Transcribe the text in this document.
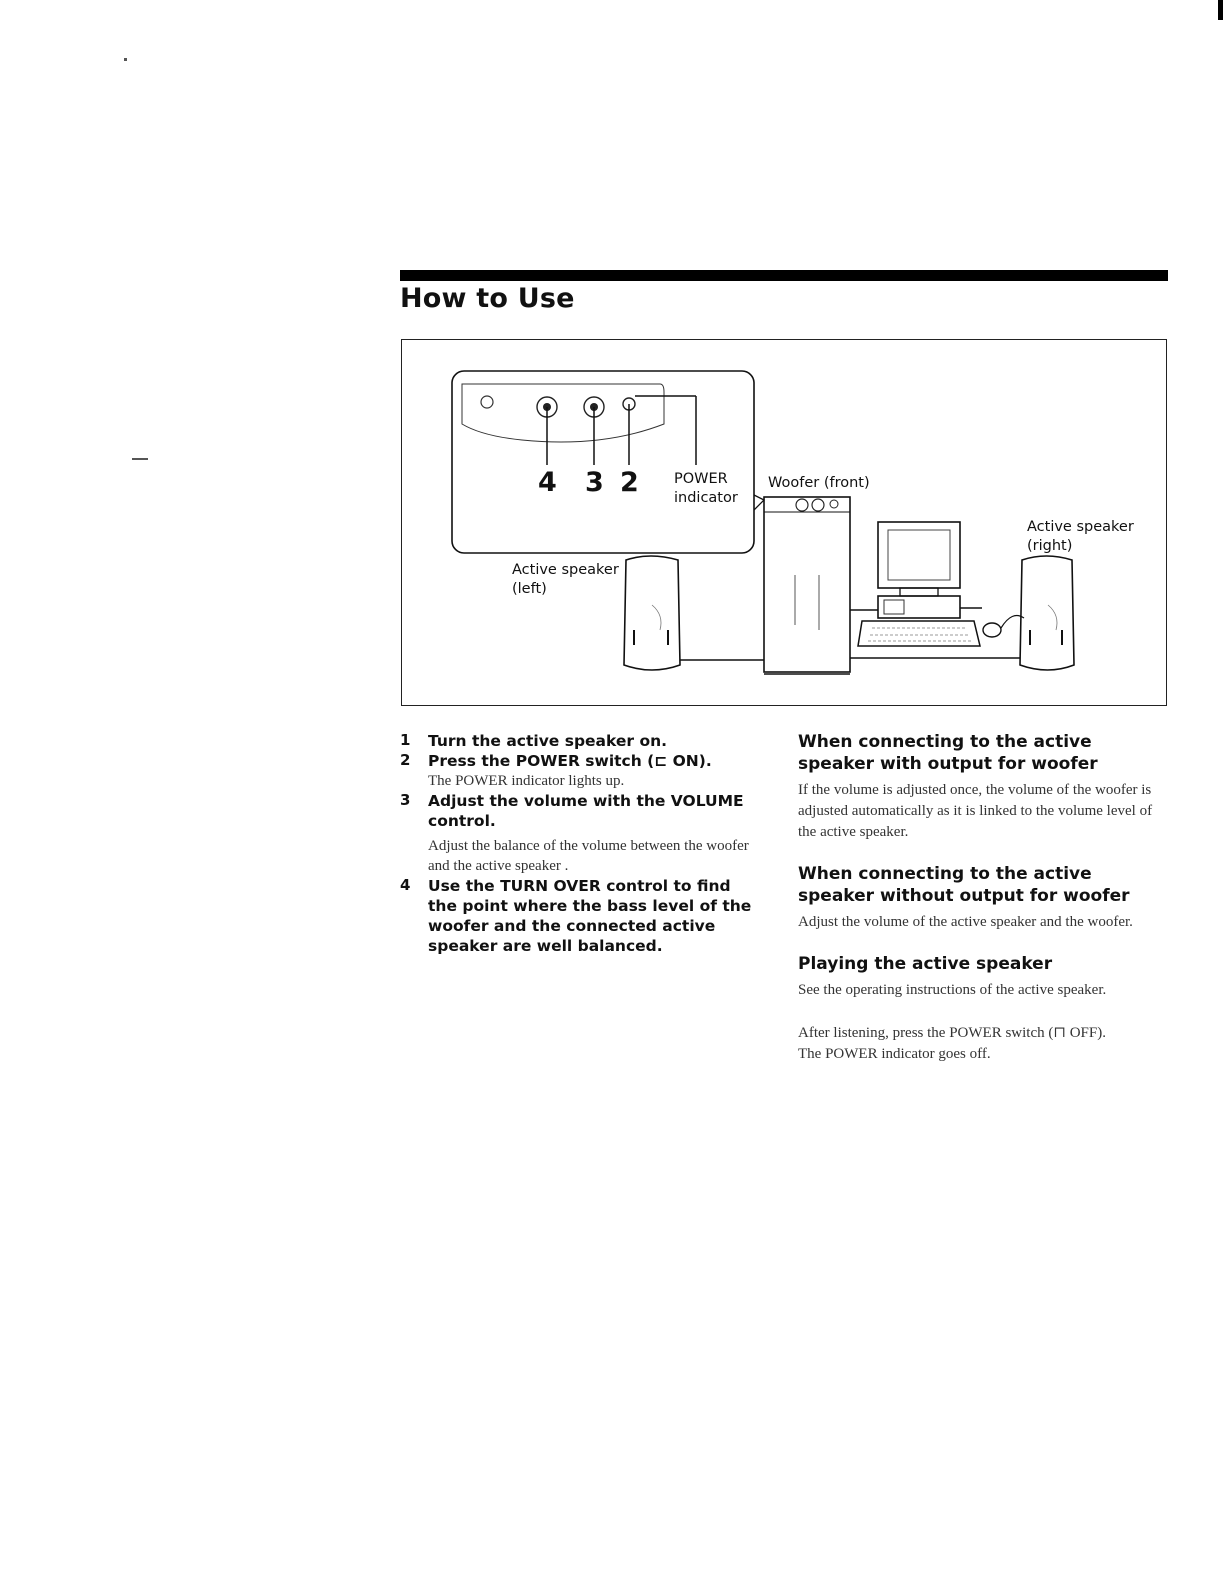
How to Use
4 3 2 POWER
indicator
Woofer (front)
Active speaker
(left)
Active speaker
(right)
1 Turn the active speaker on.
2 Press the POWER switch (⊏ ON).
The POWER indicator lights up.
3 Adjust the volume with the VOLUME control.
Adjust the balance of the volume between the woofer and the active speaker .
4 Use the TURN OVER control to find the point where the bass level of the woofer and the connected active speaker are well balanced.
When connecting to the active speaker with output for woofer
If the volume is adjusted once, the volume of the woofer is adjusted automatically as it is linked to the volume level of the active speaker.
When connecting to the active speaker without output for woofer
Adjust the volume of the active speaker and the woofer.
Playing the active speaker
See the operating instructions of the active speaker.
After listening, press the POWER switch (⊓ OFF).
The POWER indicator goes off.
